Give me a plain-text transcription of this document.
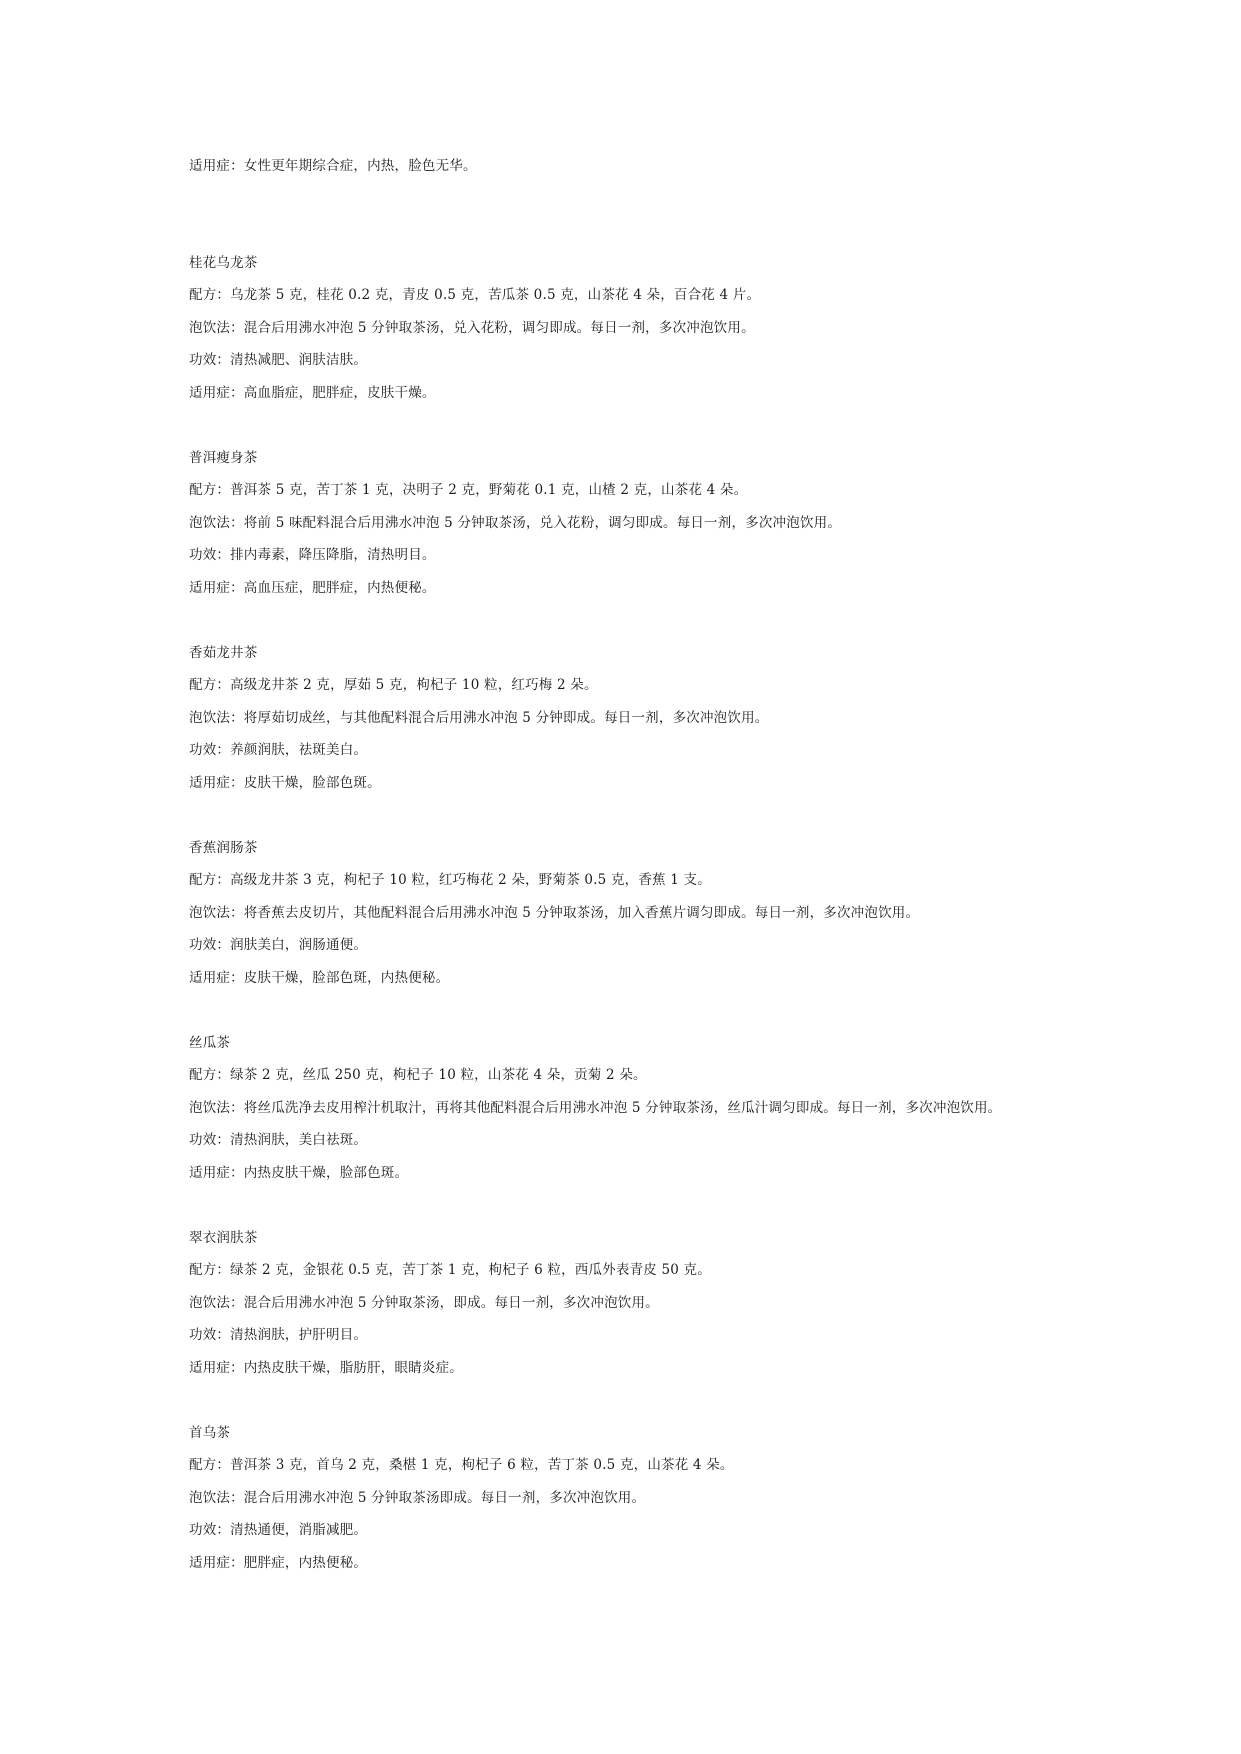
适用症：女性更年期综合症，内热，脸色无华。
桂花乌龙茶
配方：乌龙茶 5 克，桂花 0.2 克，青皮 0.5 克，苦瓜茶 0.5 克，山茶花 4 朵，百合花 4 片。
泡饮法：混合后用沸水冲泡 5 分钟取茶汤，兑入花粉，调匀即成。每日一剂，多次冲泡饮用。
功效：清热减肥、润肤洁肤。
适用症：高血脂症，肥胖症，皮肤干燥。
普洱瘦身茶
配方：普洱茶 5 克，苦丁茶 1 克，决明子 2 克，野菊花 0.1 克，山楂 2 克，山茶花 4 朵。
泡饮法：将前 5 味配料混合后用沸水冲泡 5 分钟取茶汤，兑入花粉，调匀即成。每日一剂，多次冲泡饮用。
功效：排内毒素，降压降脂，清热明目。
适用症：高血压症，肥胖症，内热便秘。
香茹龙井茶
配方：高级龙井茶 2 克，厚茹 5 克，枸杞子 10 粒，红巧梅 2 朵。
泡饮法：将厚茹切成丝，与其他配料混合后用沸水冲泡 5 分钟即成。每日一剂，多次冲泡饮用。
功效：养颜润肤，祛斑美白。
适用症：皮肤干燥，脸部色斑。
香蕉润肠茶
配方：高级龙井茶 3 克，枸杞子 10 粒，红巧梅花 2 朵，野菊茶 0.5 克，香蕉 1 支。
泡饮法：将香蕉去皮切片，其他配料混合后用沸水冲泡 5 分钟取茶汤，加入香蕉片调匀即成。每日一剂，多次冲泡饮用。
功效：润肤美白，润肠通便。
适用症：皮肤干燥，脸部色斑，内热便秘。
丝瓜茶
配方：绿茶 2 克，丝瓜 250 克，枸杞子 10 粒，山茶花 4 朵，贡菊 2 朵。
泡饮法：将丝瓜洗净去皮用榨汁机取汁，再将其他配料混合后用沸水冲泡 5 分钟取茶汤，丝瓜汁调匀即成。每日一剂，多次冲泡饮用。
功效：清热润肤，美白祛斑。
适用症：内热皮肤干燥，脸部色斑。
翠衣润肤茶
配方：绿茶 2 克，金银花 0.5 克，苦丁茶 1 克，枸杞子 6 粒，西瓜外表青皮 50 克。
泡饮法：混合后用沸水冲泡 5 分钟取茶汤，即成。每日一剂，多次冲泡饮用。
功效：清热润肤，护肝明目。
适用症：内热皮肤干燥，脂肪肝，眼睛炎症。
首乌茶
配方：普洱茶 3 克，首乌 2 克，桑椹 1 克，枸杞子 6 粒，苦丁茶 0.5 克，山茶花 4 朵。
泡饮法：混合后用沸水冲泡 5 分钟取茶汤即成。每日一剂，多次冲泡饮用。
功效：清热通便，消脂减肥。
适用症：肥胖症，内热便秘。
